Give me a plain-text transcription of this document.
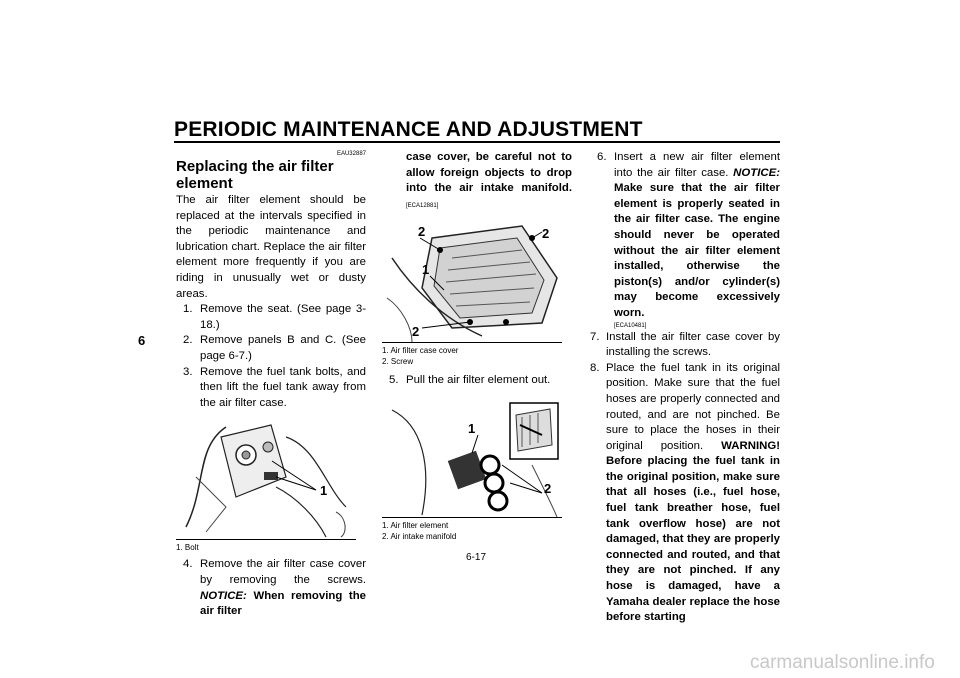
PERIODIC MAINTENANCE AND ADJUSTMENT
6
EAU32887
Replacing the air filter element

The air filter element should be replaced at the intervals specified in the periodic maintenance and lubrication chart. Replace the air filter element more frequently if you are riding in unusually wet or dusty areas.

1. Remove the seat. (See page 3-18.)
2. Remove panels B and C. (See page 6-7.)
3. Remove the fuel tank bolts, and then lift the fuel tank away from the air filter case.
1
1. Bolt
4. Remove the air filter case cover by removing the screws. NOTICE: When removing the air filter

case cover, be careful not to allow foreign objects to drop into the air intake manifold. [ECA12881]

2	2
1
2
1. Air filter case cover
2. Screw
5. Pull the air filter element out.
1
2
1. Air filter element
2. Air intake manifold
6. Insert a new air filter element into the air filter case. NOTICE: Make sure that the air filter element is properly seated in the air filter case. The engine should never be operated without the air filter element installed, otherwise the piston(s) and/or cylinder(s) may become excessively worn.
[ECA10481]
7. Install the air filter case cover by installing the screws.
8. Place the fuel tank in its original position. Make sure that the fuel hoses are properly connected and routed, and are not pinched. Be sure to place the hoses in their original position. WARNING! Before placing the fuel tank in the original position, make sure that all hoses (i.e., fuel hose, fuel tank breather hose, fuel tank overflow hose) are not damaged, that they are properly connected and routed, and that they are not pinched. If any hose is damaged, have a Yamaha dealer replace the hose before starting
6-17
carmanualsonline.info
